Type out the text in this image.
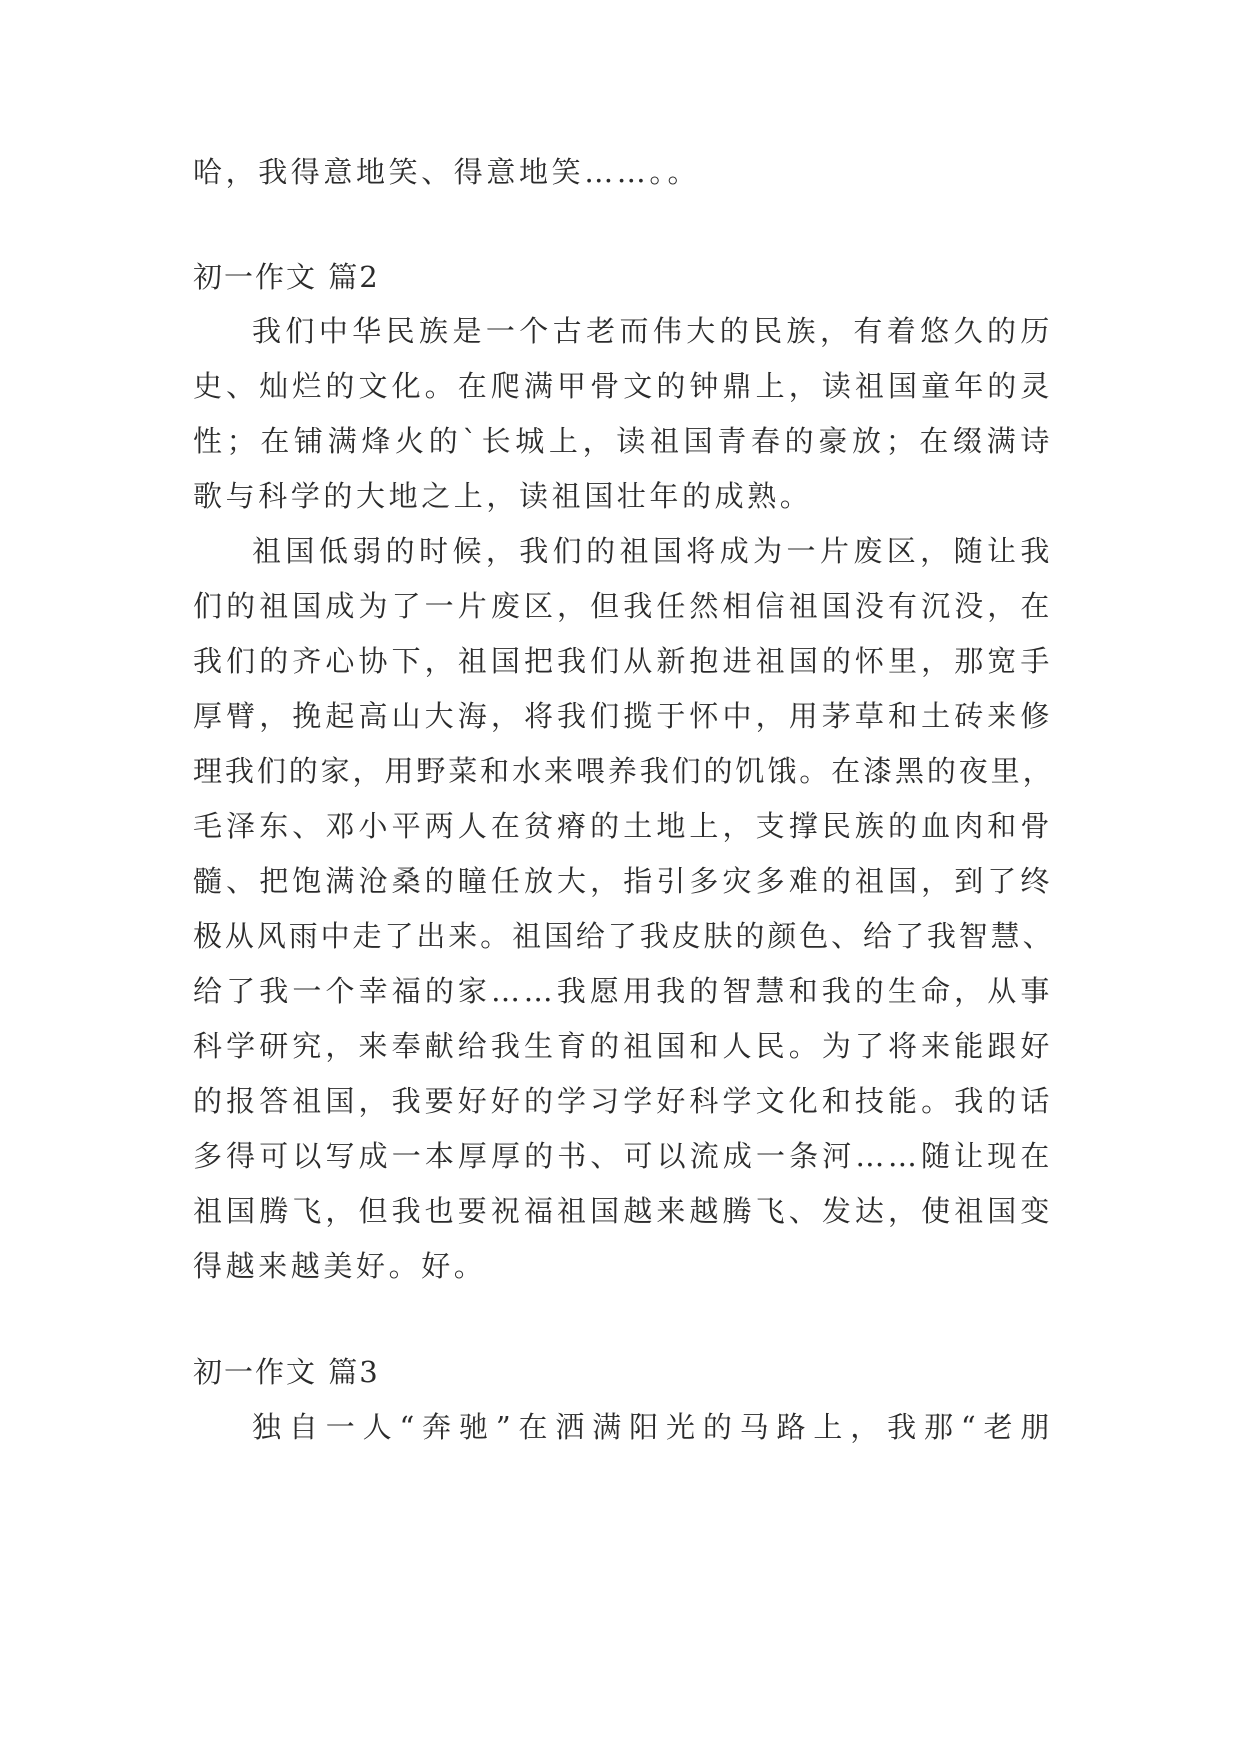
哈，我得意地笑、得意地笑……。。
初一作文 篇2
我们中华民族是一个古老而伟大的民族，有着悠久的历
史、灿烂的文化。在爬满甲骨文的钟鼎上，读祖国童年的灵
性；在铺满烽火的`长城上，读祖国青春的豪放；在缀满诗
歌与科学的大地之上，读祖国壮年的成熟。
祖国低弱的时候，我们的祖国将成为一片废区，随让我
们的祖国成为了一片废区，但我任然相信祖国没有沉没，在
我们的齐心协下，祖国把我们从新抱进祖国的怀里，那宽手
厚臂，挽起高山大海，将我们揽于怀中，用茅草和土砖来修
理我们的家，用野菜和水来喂养我们的饥饿。在漆黑的夜里，
毛泽东、邓小平两人在贫瘠的土地上，支撑民族的血肉和骨
髓、把饱满沧桑的瞳任放大，指引多灾多难的祖国，到了终
极从风雨中走了出来。祖国给了我皮肤的颜色、给了我智慧、
给了我一个幸福的家……我愿用我的智慧和我的生命，从事
科学研究，来奉献给我生育的祖国和人民。为了将来能跟好
的报答祖国，我要好好的学习学好科学文化和技能。我的话
多得可以写成一本厚厚的书、可以流成一条河……随让现在
祖国腾飞，但我也要祝福祖国越来越腾飞、发达，使祖国变
得越来越美好。好。
初一作文 篇3
独自一人“奔驰”在洒满阳光的马路上，我那“老朋
